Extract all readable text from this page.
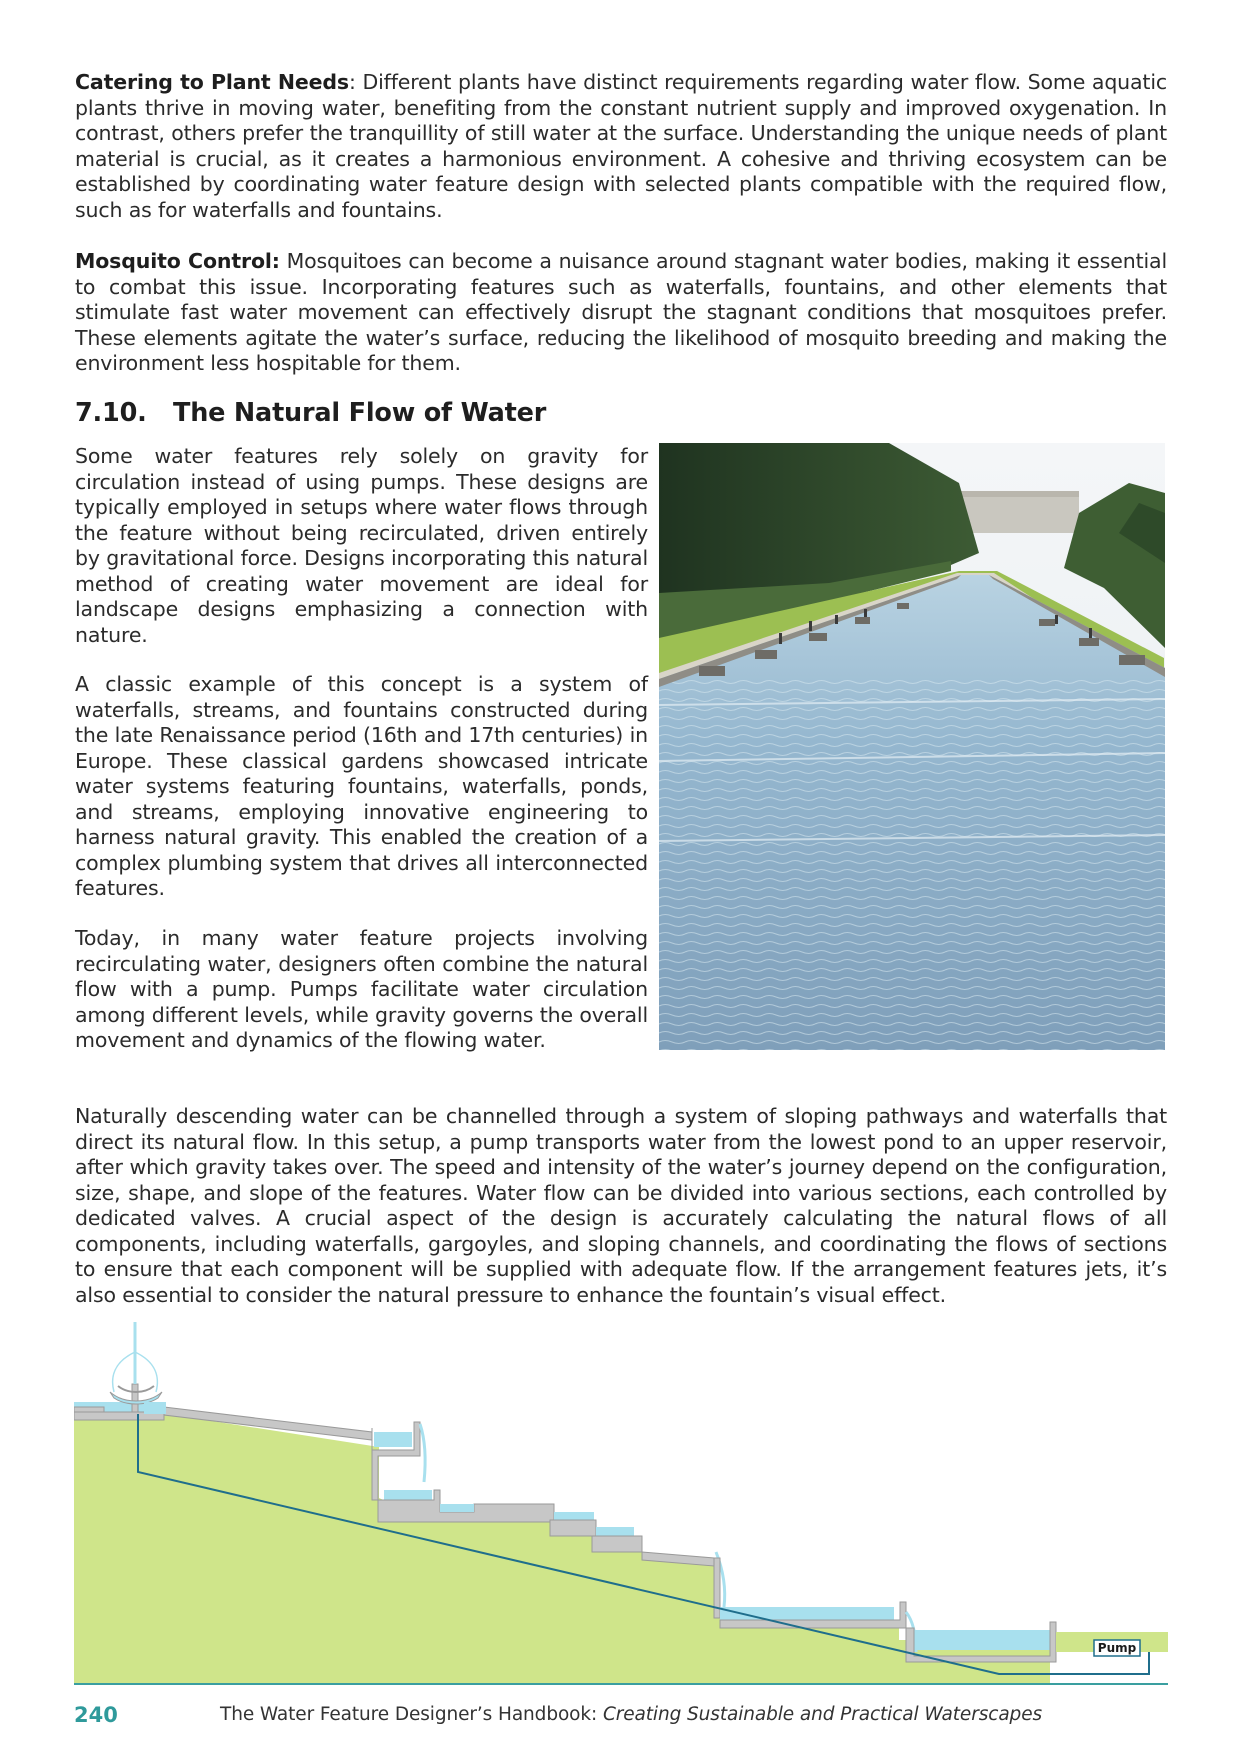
Catering to Plant Needs: Different plants have distinct requirements regarding water flow. Some aquatic plants thrive in moving water, benefiting from the constant nutrient supply and improved oxygenation. In contrast, others prefer the tranquillity of still water at the surface. Understanding the unique needs of plant material is crucial, as it creates a harmonious environment. A cohesive and thriving ecosystem can be established by coordinating water feature design with selected plants compatible with the required flow, such as for waterfalls and fountains.

Mosquito Control: Mosquitoes can become a nuisance around stagnant water bodies, making it essential to combat this issue. Incorporating features such as waterfalls, fountains, and other elements that stimulate fast water movement can effectively disrupt the stagnant conditions that mosquitoes prefer. These elements agitate the water’s surface, reducing the likelihood of mosquito breeding and making the environment less hospitable for them.

7.10. The Natural Flow of Water

Some water features rely solely on gravity for circulation instead of using pumps. These designs are typically employed in setups where water flows through the feature without being recirculated, driven entirely by gravitational force. Designs incorporating this natural method of creating water movement are ideal for landscape designs emphasizing a connection with nature.

A classic example of this concept is a system of waterfalls, streams, and fountains constructed during the late Renaissance period (16th and 17th centuries) in Europe. These classical gardens showcased intricate water systems featuring fountains, waterfalls, ponds, and streams, employing innovative engineering to harness natural gravity. This enabled the creation of a complex plumbing system that drives all interconnected features.

Today, in many water feature projects involving recirculating water, designers often combine the natural flow with a pump. Pumps facilitate water circulation among different levels, while gravity governs the overall movement and dynamics of the flowing water.

Naturally descending water can be channelled through a system of sloping pathways and waterfalls that direct its natural flow. In this setup, a pump transports water from the lowest pond to an upper reservoir, after which gravity takes over. The speed and intensity of the water’s journey depend on the configuration, size, shape, and slope of the features. Water flow can be divided into various sections, each controlled by dedicated valves. A crucial aspect of the design is accurately calculating the natural flows of all components, including waterfalls, gargoyles, and sloping channels, and coordinating the flows of sections to ensure that each component will be supplied with adequate flow. If the arrangement features jets, it’s also essential to consider the natural pressure to enhance the fountain’s visual effect.

Pump
240	The Water Feature Designer’s Handbook: Creating Sustainable and Practical Waterscapes
